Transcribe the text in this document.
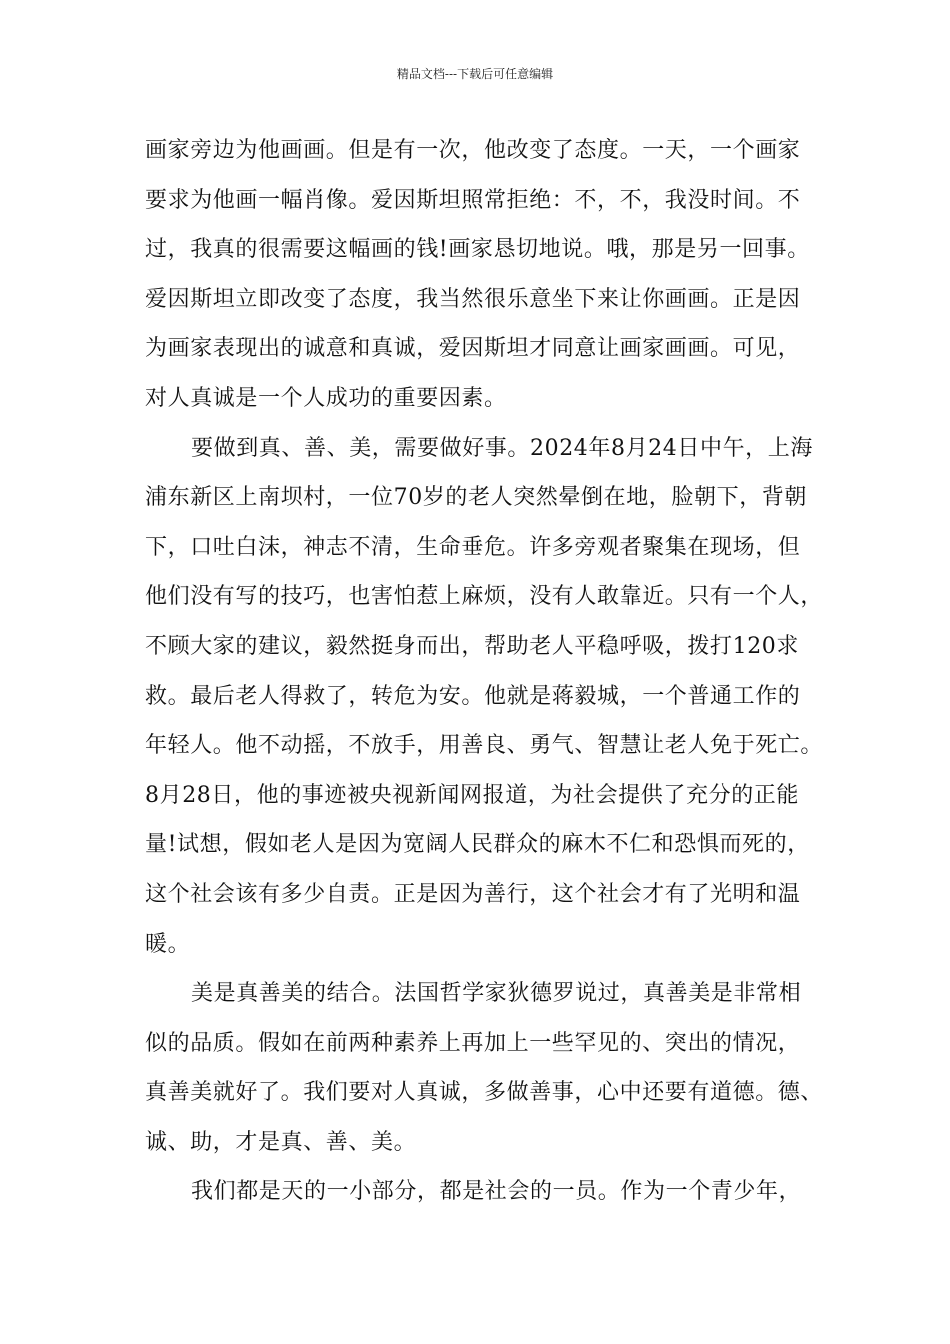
精品文档---下载后可任意编辑
画家旁边为他画画。但是有一次，他改变了态度。一天，一个画家
要求为他画一幅肖像。爱因斯坦照常拒绝：不，不，我没时间。不
过，我真的很需要这幅画的钱!画家恳切地说。哦，那是另一回事。
爱因斯坦立即改变了态度，我当然很乐意坐下来让你画画。正是因
为画家表现出的诚意和真诚，爱因斯坦才同意让画家画画。可见，
对人真诚是一个人成功的重要因素。
要做到真、善、美，需要做好事。2024年8月24日中午，上海
浦东新区上南坝村，一位70岁的老人突然晕倒在地，脸朝下，背朝
下，口吐白沫，神志不清，生命垂危。许多旁观者聚集在现场，但
他们没有写的技巧，也害怕惹上麻烦，没有人敢靠近。只有一个人，
不顾大家的建议，毅然挺身而出，帮助老人平稳呼吸，拨打120求
救。最后老人得救了，转危为安。他就是蒋毅城，一个普通工作的
年轻人。他不动摇，不放手，用善良、勇气、智慧让老人免于死亡。
8月28日，他的事迹被央视新闻网报道，为社会提供了充分的正能
量!试想，假如老人是因为宽阔人民群众的麻木不仁和恐惧而死的，
这个社会该有多少自责。正是因为善行，这个社会才有了光明和温
暖。
美是真善美的结合。法国哲学家狄德罗说过，真善美是非常相
似的品质。假如在前两种素养上再加上一些罕见的、突出的情况，
真善美就好了。我们要对人真诚，多做善事，心中还要有道德。德、
诚、助，才是真、善、美。
我们都是天的一小部分，都是社会的一员。作为一个青少年，
